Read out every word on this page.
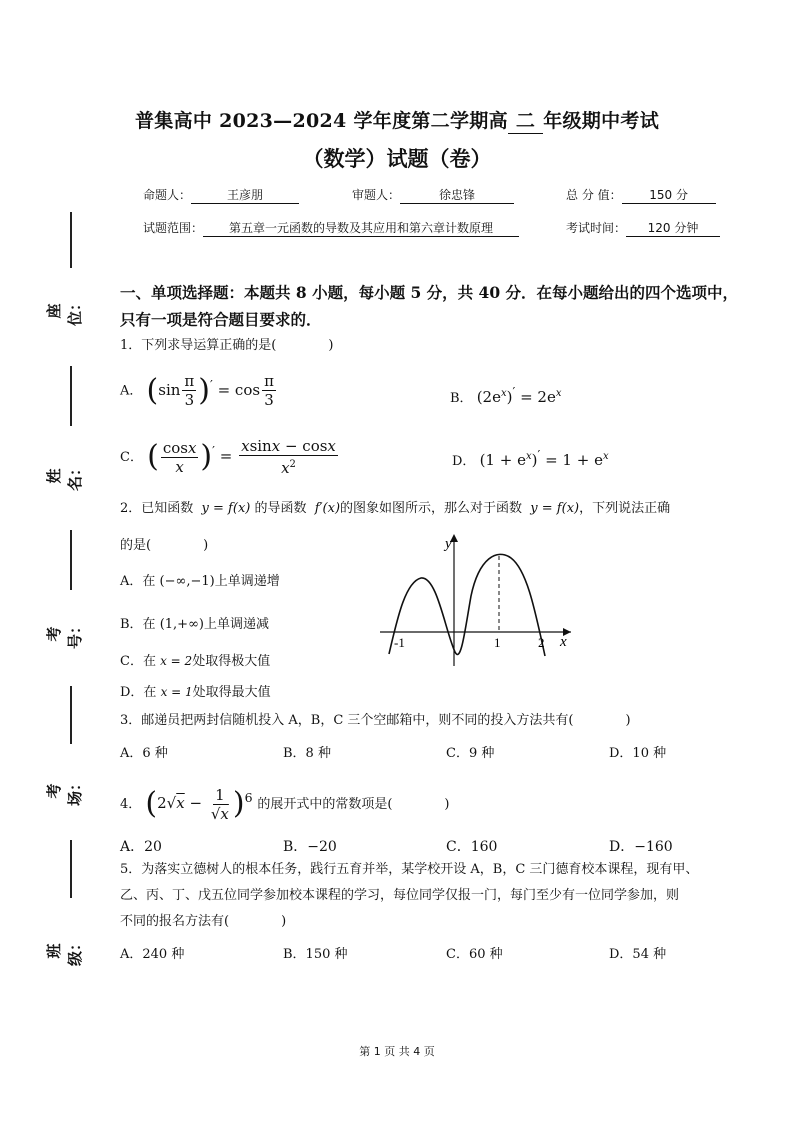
普集高中 2023—2024 学年度第二学期高 二 年级期中考试
（数学）试题（卷）
命题人：	王彦朋	审题人：	徐忠锋	总 分 值： 150 分
试题范围： 第五章一元函数的导数及其应用和第六章计数原理	考试时间： 120 分钟
座位：
姓名：
考号：
考场：
班级：
一、单项选择题：本题共 8 小题，每小题 5 分，共 40 分．在每小题给出的四个选项中，
只有一项是符合题目要求的．
1．下列求导运算正确的是(　　　　)
A． $(\sin \frac{\pi}{3} )' = \cos \frac{\pi}{3}$	B． $(2e^x)' = 2e^x$
C． ( $\frac{\cos x}{x} )' = \frac{xsinx - \cos x}{x^2}$	D． $(1 + e^x)' = 1 + e^x$
2．已知函数  y = f(x) 的导函数  f′(x)的图象如图所示，那么对于函数  y = f(x)，下列说法正确
的是(　　　　)
A．在 (−∞,−1)上单调递增
B．在 (1,+∞)上单调递减
C．在 x = 2处取得极大值
D．在 x = 1处取得最大值
y
x
-1	1	2
3．邮递员把两封信随机投入 A，B，C 三个空邮箱中，则不同的投入方法共有(　　　　)
A．6 种	B．8 种	C．9 种	D．10 种
4． $(2√x - \frac{1}{√x} )^6$ 的展开式中的常数项是(　　　　)
A．20	B．−20	C．160	D．−160
5．为落实立德树人的根本任务，践行五育并举，某学校开设 A，B，C 三门德育校本课程，现有甲、
乙、丙、丁、戊五位同学参加校本课程的学习，每位同学仅报一门，每门至少有一位同学参加，则
不同的报名方法有(　　　　)
A．240 种	B．150 种	C．60 种	D．54 种
第 1 页 共 4 页
